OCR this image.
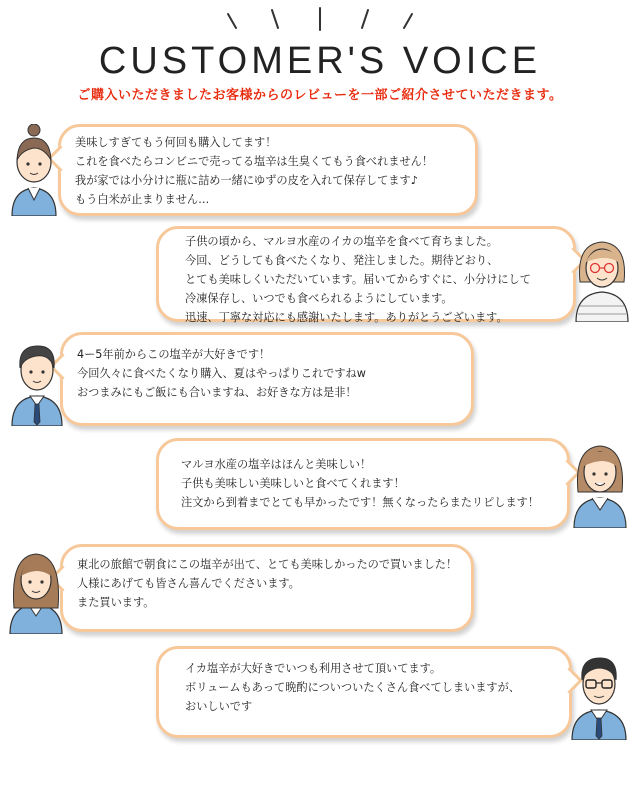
CUSTOMER'S VOICE
ご購入いただきましたお客様からのレビューを一部ご紹介させていただきます。
美味しすぎてもう何回も購入してます！
これを食べたらコンビニで売ってる塩辛は生臭くてもう食べれません！
我が家では小分けに瓶に詰め一緒にゆずの皮を入れて保存してます♪
もう白米が止まりません…
子供の頃から、マルヨ水産のイカの塩辛を食べて育ちました。
今回、どうしても食べたくなり、発注しました。期待どおり、
とても美味しくいただいています。届いてからすぐに、小分けにして
冷凍保存し、いつでも食べられるようにしています。
迅速、丁寧な対応にも感謝いたします。ありがとうございます。
4ー5年前からこの塩辛が大好きです！
今回久々に食べたくなり購入、夏はやっぱりこれですねw
おつまみにもご飯にも合いますね、お好きな方は是非！
マルヨ水産の塩辛はほんと美味しい！
子供も美味しい美味しいと食べてくれます！
注文から到着までとても早かったです！無くなったらまたリピします！
東北の旅館で朝食にこの塩辛が出て、とても美味しかったので買いました！
人様にあげても皆さん喜んでくださいます。
また買います。
イカ塩辛が大好きでいつも利用させて頂いてます。
ボリュームもあって晩酌についついたくさん食べてしまいますが、
おいしいです
